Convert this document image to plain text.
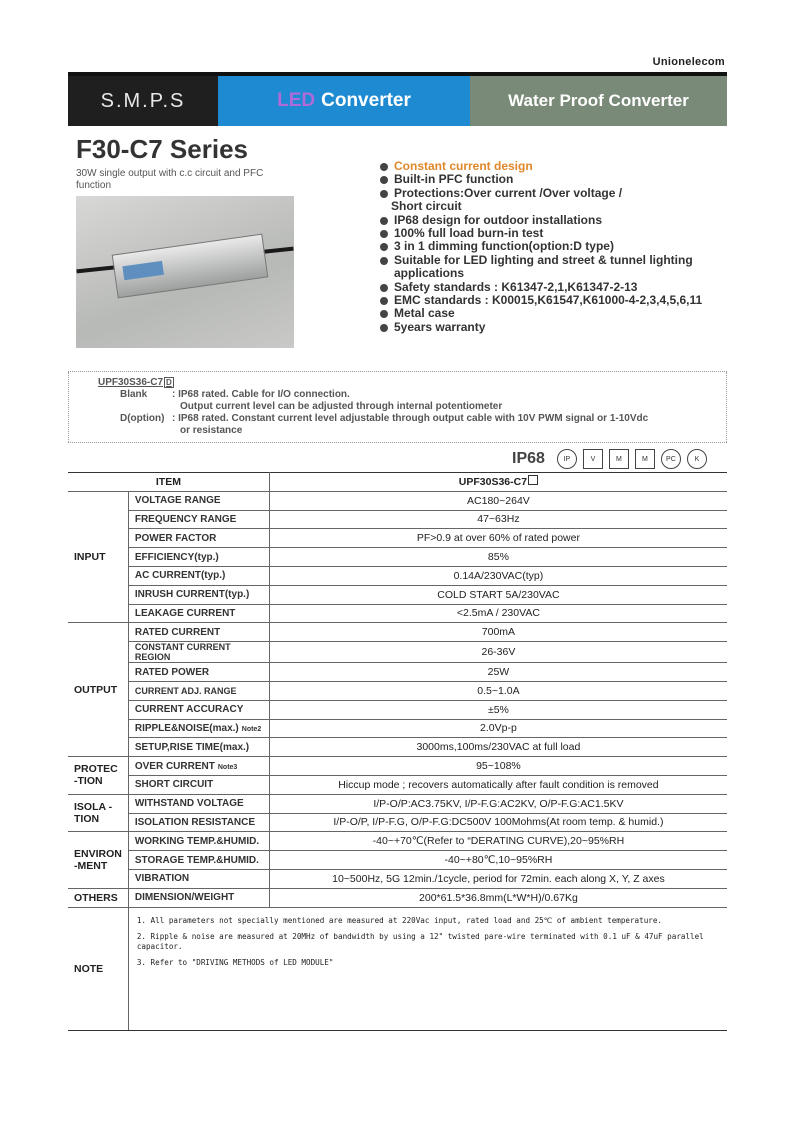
Unionelecom
S.M.P.S	LED Converter	Water Proof Converter
F30-C7 Series
30W single output with c.c circuit and PFC function
Constant current design
Built-in PFC function
Protections:Over current /Over voltage /
Short circuit
IP68 design for outdoor installations
100% full load burn-in test
3 in 1 dimming function(option:D type)
Suitable for LED lighting and street & tunnel lighting
applications
Safety standards : K61347-2,1,K61347-2-13
EMC standards : K00015,K61547,K61000-4-2,3,4,5,6,11
Metal case
5years warranty
UPF30S36-C7 D
Blank : IP68 rated. Cable for I/O connection.
Output current level can be adjusted through internal potentiometer
D(option) : IP68 rated. Constant current level adjustable through output cable with 10V PWM signal or 1-10Vdc
or resistance
IP68	IP	V	M	M	PC	K
ITEM		UPF30S36-C7
INPUT	VOLTAGE RANGE	AC180~264V
	FREQUENCY RANGE	47~63Hz
	POWER FACTOR	PF>0.9 at over 60% of rated power
	EFFICIENCY(typ.)	85%
	AC CURRENT(typ.)	0.14A/230VAC(typ)
	INRUSH CURRENT(typ.)	COLD START 5A/230VAC
	LEAKAGE CURRENT	<2.5mA / 230VAC
OUTPUT	RATED CURRENT	700mA
	CONSTANT CURRENT REGION	26-36V
	RATED POWER	25W
	CURRENT ADJ. RANGE	0.5~1.0A
	CURRENT ACCURACY	±5%
	RIPPLE&NOISE(max.) Note2	2.0Vp-p
	SETUP,RISE TIME(max.)	3000ms,100ms/230VAC at full load
PROTEC -TION	OVER CURRENT Note3	95~108%
	SHORT CIRCUIT	Hiccup mode ; recovers automatically after fault condition is removed
ISOLA -TION	WITHSTAND VOLTAGE	I/P-O/P:AC3.75KV, I/P-F.G:AC2KV, O/P-F.G:AC1.5KV
	ISOLATION RESISTANCE	I/P-O/P, I/P-F.G, O/P-F.G:DC500V 100Mohms(At room temp. & humid.)
ENVIRON -MENT	WORKING TEMP.&HUMID.	-40~+70℃(Refer to “DERATING CURVE),20~95%RH
	STORAGE TEMP.&HUMID.	-40~+80℃,10~95%RH
	VIBRATION	10~500Hz, 5G 12min./1cycle, period for 72min. each along X, Y, Z axes
OTHERS	DIMENSION/WEIGHT	200*61.5*36.8mm(L*W*H)/0.67Kg
NOTE	1. All parameters not specially mentioned are measured at 220Vac input, rated load and 25℃ of ambient temperature.
2. Ripple & noise are measured at 20MHz of bandwidth by using a 12" twisted pare-wire terminated with 0.1 uF & 47uF parallel capacitor.
3. Refer to "DRIVING METHODS of LED MODULE"	
